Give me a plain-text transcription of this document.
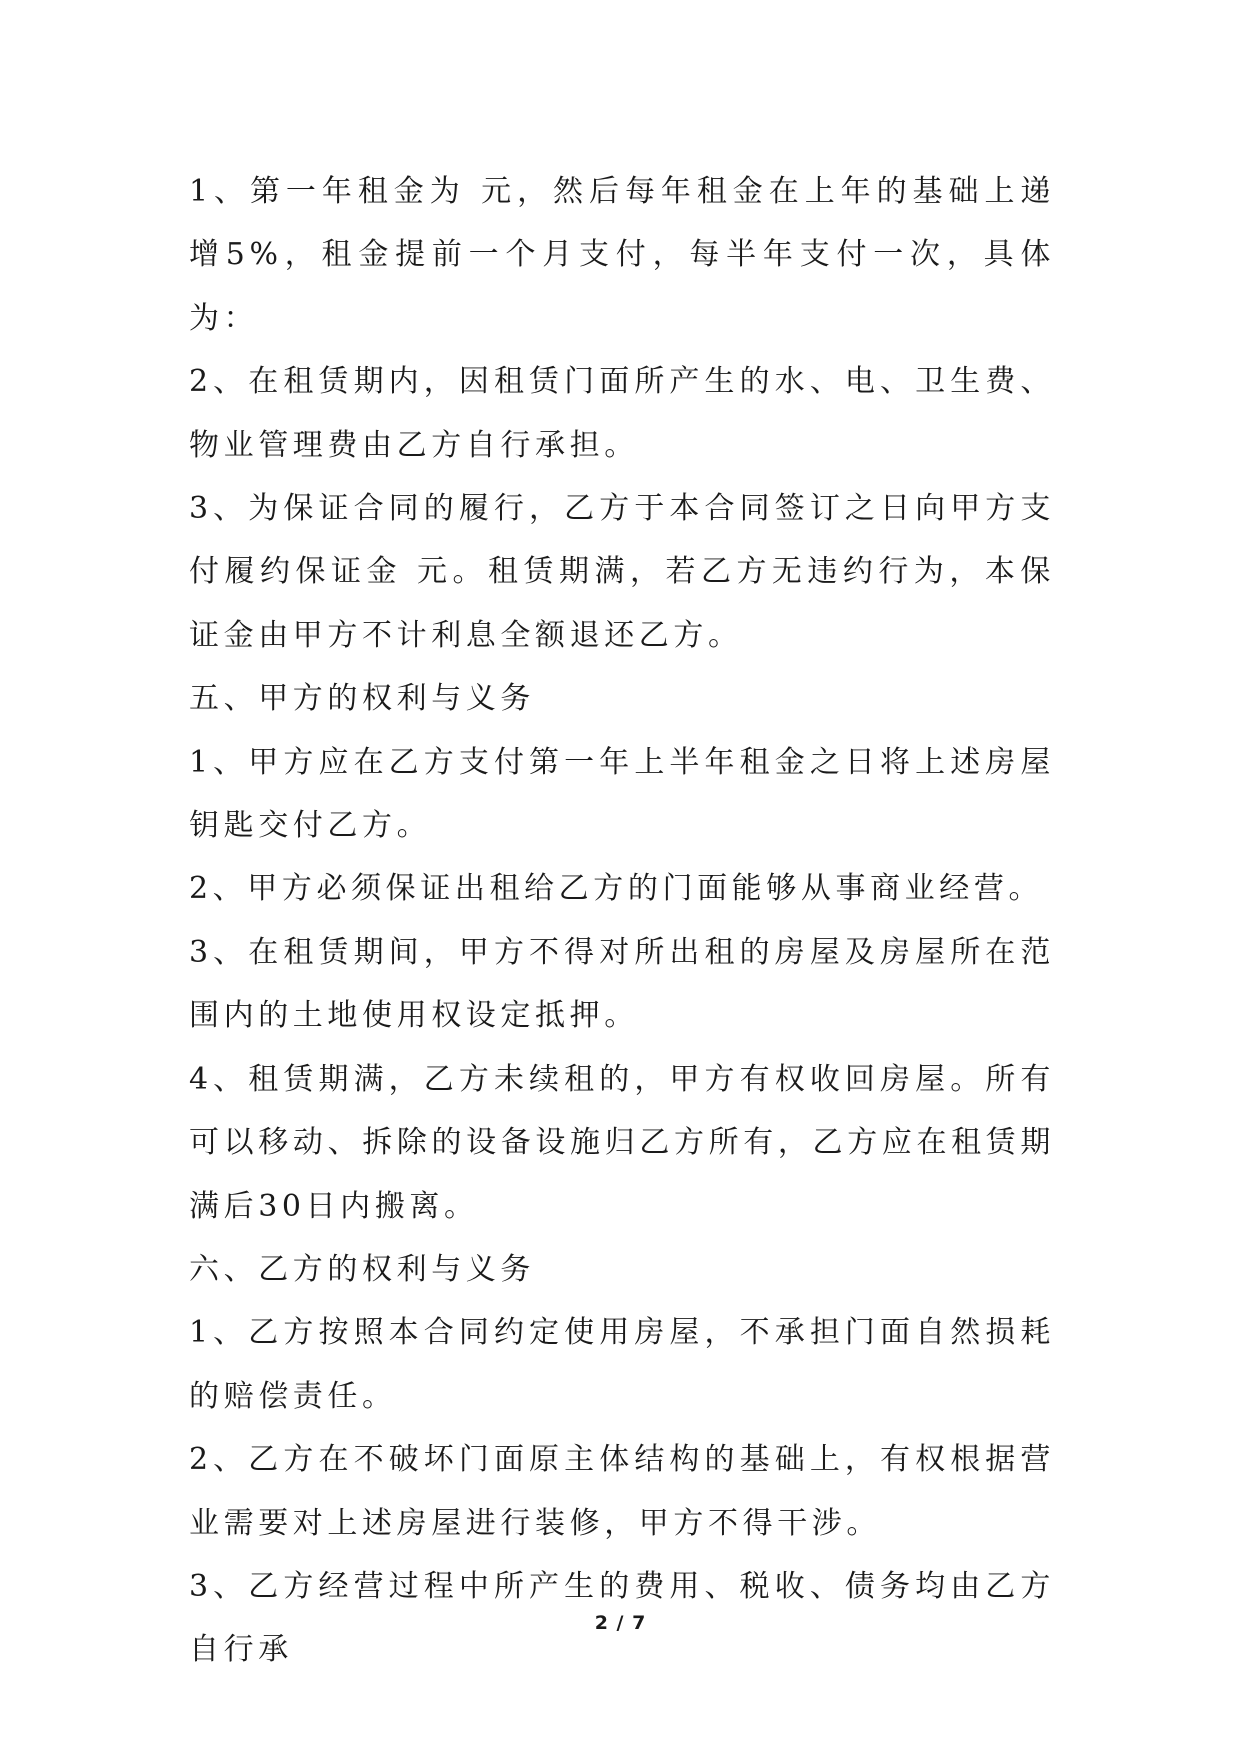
1、第一年租金为 元，然后每年租金在上年的基础上递增5%，租金提前一个月支付，每半年支付一次，具体为：

2、在租赁期内，因租赁门面所产生的水、电、卫生费、物业管理费由乙方自行承担。

3、为保证合同的履行，乙方于本合同签订之日向甲方支付履约保证金 元。租赁期满，若乙方无违约行为，本保证金由甲方不计利息全额退还乙方。

五、甲方的权利与义务

1、甲方应在乙方支付第一年上半年租金之日将上述房屋钥匙交付乙方。

2、甲方必须保证出租给乙方的门面能够从事商业经营。

3、在租赁期间，甲方不得对所出租的房屋及房屋所在范围内的土地使用权设定抵押。

4、租赁期满，乙方未续租的，甲方有权收回房屋。所有可以移动、拆除的设备设施归乙方所有，乙方应在租赁期满后30日内搬离。

六、乙方的权利与义务

1、乙方按照本合同约定使用房屋，不承担门面自然损耗的赔偿责任。

2、乙方在不破坏门面原主体结构的基础上，有权根据营业需要对上述房屋进行装修，甲方不得干涉。

3、乙方经营过程中所产生的费用、税收、债务均由乙方自行承

2 / 7
